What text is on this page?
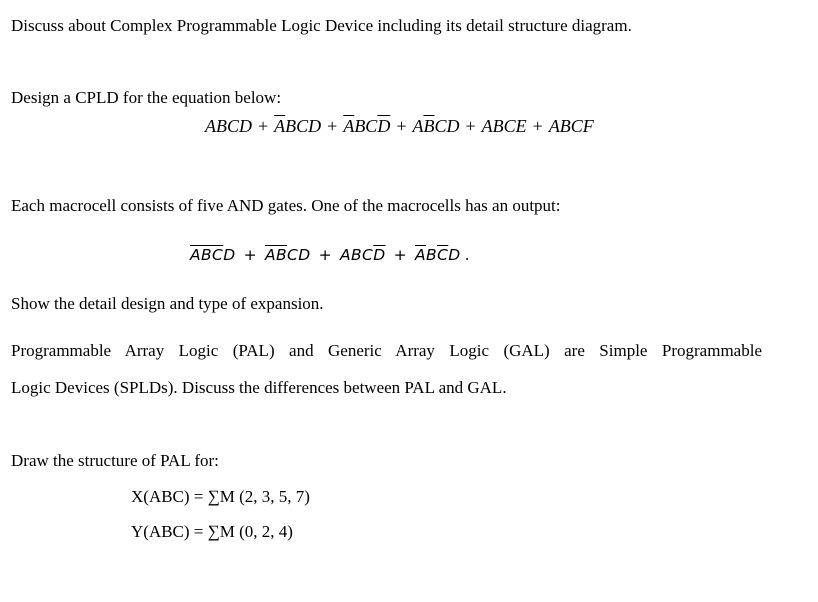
Discuss about Complex Programmable Logic Device including its detail structure diagram.
Design a CPLD for the equation below:
ABCD + $\overline{A}BCD + \overline{A}BC\overline{D} + A\overline{B}CD$ + ABCE + ABCF
Each macrocell consists of five AND gates. One of the macrocells has an output:
$\overline{ABC}D + \overline{AB}CD + ABC\overline{D} + \overline{A}B\overline{C}D$ .
Show the detail design and type of expansion.
Programmable Array Logic (PAL) and Generic Array Logic (GAL) are Simple Programmable
Logic Devices (SPLDs). Discuss the differences between PAL and GAL.
Draw the structure of PAL for:
X(ABC) = ∑M (2, 3, 5, 7)
Y(ABC) = ∑M (0, 2, 4)
